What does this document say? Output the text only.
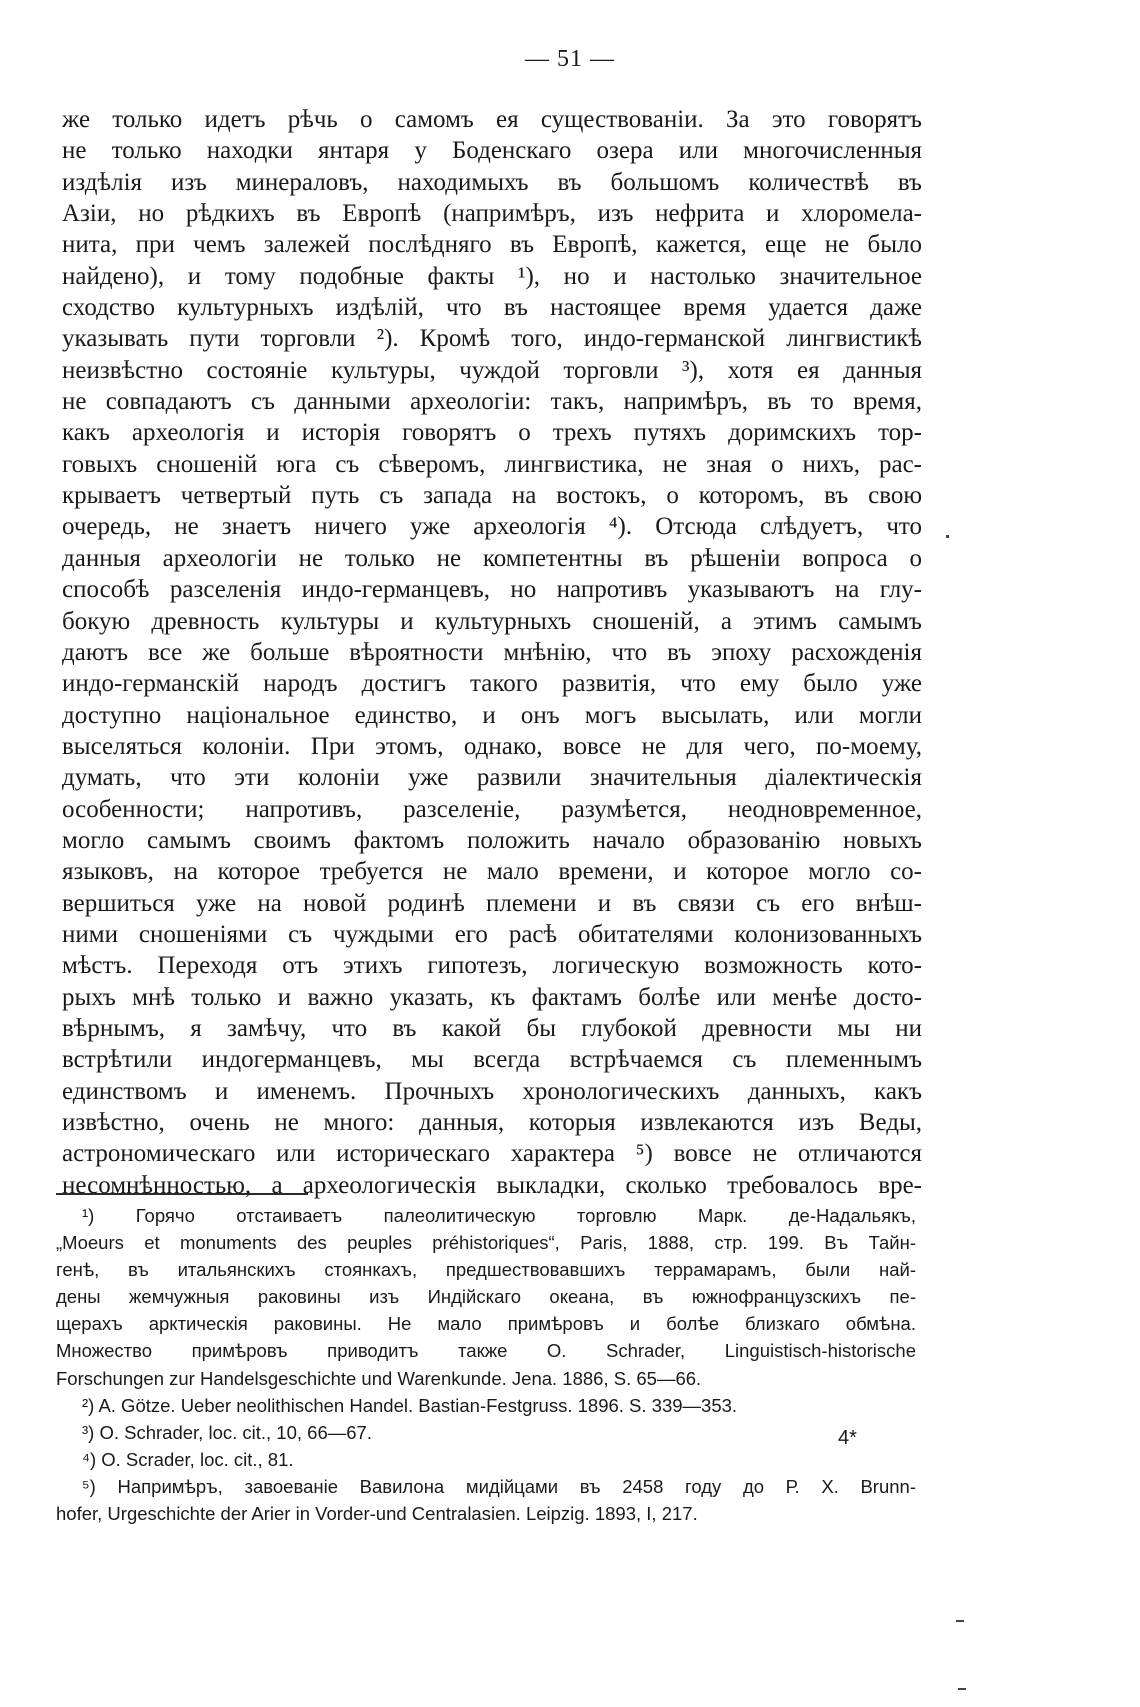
— 51 —
же только идетъ рѣчь о самомъ ея существованіи. За это говорятъ
не только находки янтаря у Боденскаго озера или многочисленныя
издѣлія изъ минераловъ, находимыхъ въ большомъ количествѣ въ
Азіи, но рѣдкихъ въ Европѣ (напримѣръ, изъ нефрита и хлоромела-
нита, при чемъ залежей послѣдняго въ Европѣ, кажется, еще не было
найдено), и тому подобные факты ¹), но и настолько значительное
сходство культурныхъ издѣлій, что въ настоящее время удается даже
указывать пути торговли ²). Кромѣ того, индо-германской лингвистикѣ
неизвѣстно состояніе культуры, чуждой торговли ³), хотя ея данныя
не совпадаютъ съ данными археологіи: такъ, напримѣръ, въ то время,
какъ археологія и исторія говорятъ о трехъ путяхъ доримскихъ тор-
говыхъ сношеній юга съ сѣверомъ, лингвистика, не зная о нихъ, рас-
крываетъ четвертый путь съ запада на востокъ, о которомъ, въ свою
очередь, не знаетъ ничего уже археологія ⁴). Отсюда слѣдуетъ, что
данныя археологіи не только не компетентны въ рѣшеніи вопроса о
способѣ разселенія индо-германцевъ, но напротивъ указываютъ на глу-
бокую древность культуры и культурныхъ сношеній, а этимъ самымъ
даютъ все же больше вѣроятности мнѣнію, что въ эпоху расхожденія
индо-германскій народъ достигъ такого развитія, что ему было уже
доступно національное единство, и онъ могъ высылать, или могли
выселяться колоніи. При этомъ, однако, вовсе не для чего, по-моему,
думать, что эти колоніи уже развили значительныя діалектическія
особенности; напротивъ, разселеніе, разумѣется, неодновременное,
могло самымъ своимъ фактомъ положить начало образованію новыхъ
языковъ, на которое требуется не мало времени, и которое могло со-
вершиться уже на новой родинѣ племени и въ связи съ его внѣш-
ними сношеніями съ чуждыми его расѣ обитателями колонизованныхъ
мѣстъ. Переходя отъ этихъ гипотезъ, логическую возможность кото-
рыхъ мнѣ только и важно указать, къ фактамъ болѣе или менѣе досто-
вѣрнымъ, я замѣчу, что въ какой бы глубокой древности мы ни
встрѣтили индогерманцевъ, мы всегда встрѣчаемся съ племеннымъ
единствомъ и именемъ. Прочныхъ хронологическихъ данныхъ, какъ
извѣстно, очень не много: данныя, которыя извлекаются изъ Веды,
астрономическаго или историческаго характера ⁵) вовсе не отличаются
несомнѣнностью, а археологическія выкладки, сколько требовалось вре-
¹) Горячо отстаиваетъ палеолитическую торговлю Марк. де-Надальякъ,
„Moeurs et monuments des peuples préhistoriques“, Paris, 1888, стр. 199. Въ Тайн-
генѣ, въ итальянскихъ стоянкахъ, предшествовавшихъ террамарамъ, были най-
дены жемчужныя раковины изъ Индійскаго океана, въ южнофранцузскихъ пе-
щерахъ арктическія раковины. Не мало примѣровъ и болѣе близкаго обмѣна.
Множество примѣровъ приводитъ также O. Schrader, Linguistisch-historische
Forschungen zur Handelsgeschichte und Warenkunde. Jena. 1886, S. 65—66.
²) A. Götze. Ueber neolithischen Handel. Bastian-Festgruss. 1896. S. 339—353.
³) O. Schrader, loc. cit., 10, 66—67.
⁴) O. Scrader, loc. cit., 81.
⁵) Напримѣръ, завоеваніе Вавилона мидійцами въ 2458 году до Р. Х. Brunn-
hofer, Urgeschichte der Arier in Vorder-und Centralasien. Leipzig. 1893, I, 217.
4*
